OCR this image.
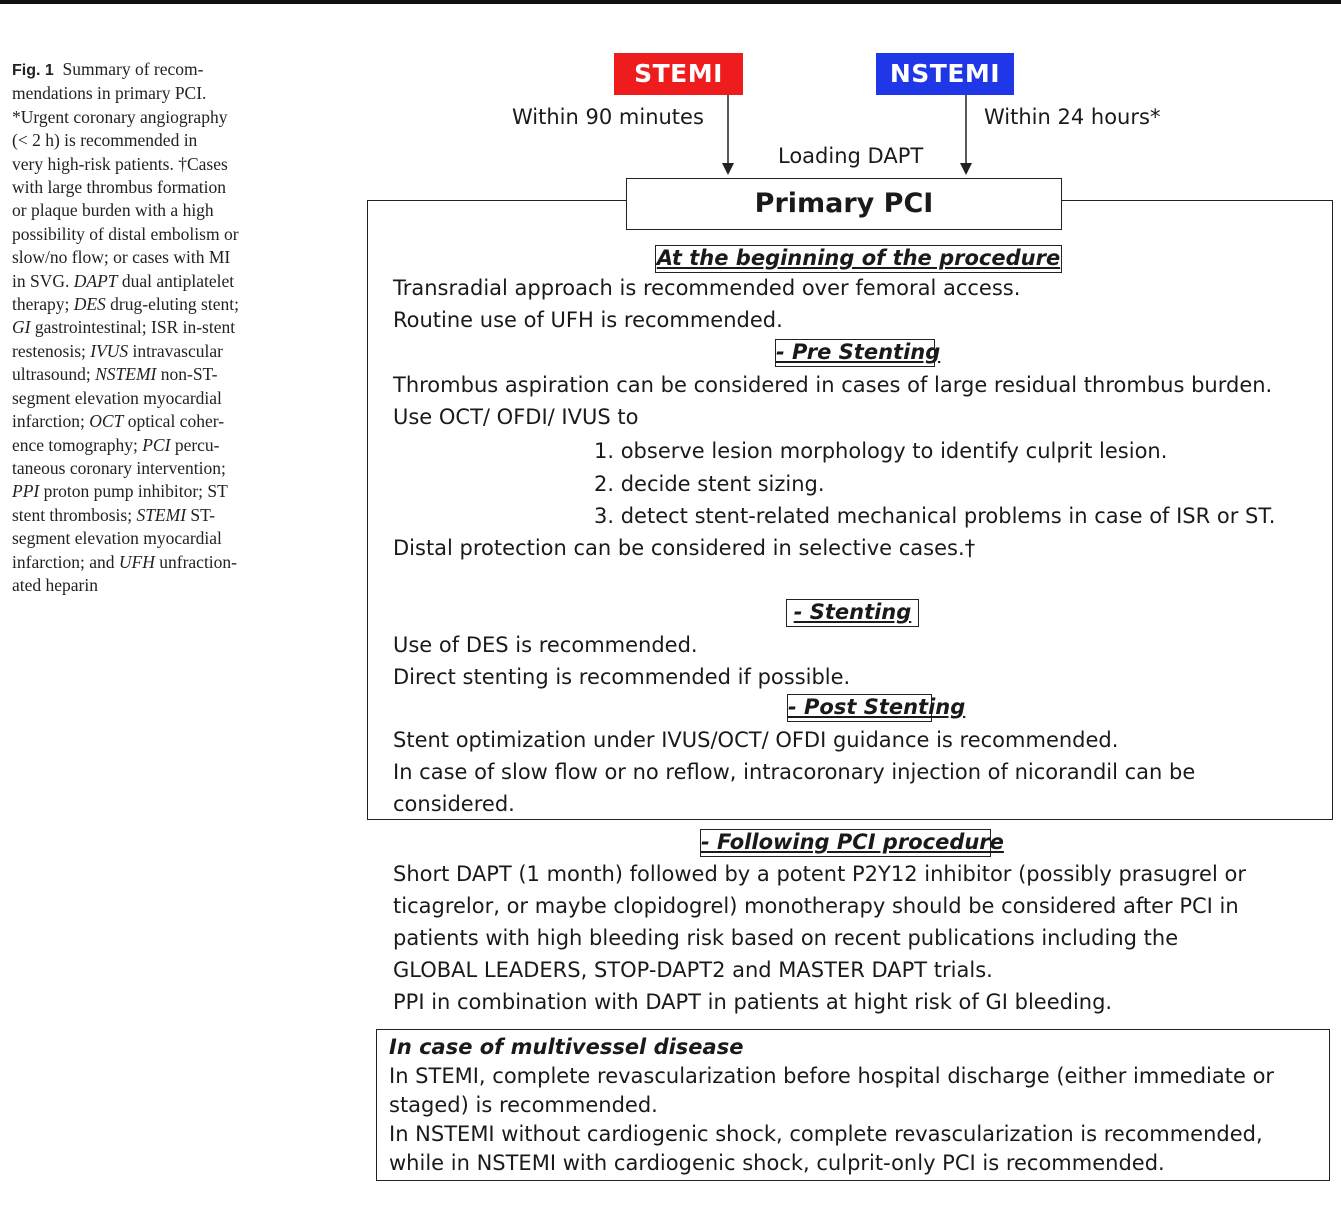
Fig. 1 Summary of recom-
mendations in primary PCI.
*Urgent coronary angiography
(< 2 h) is recommended in
very high-risk patients. †Cases
with large thrombus formation
or plaque burden with a high
possibility of distal embolism or
slow/no flow; or cases with MI
in SVG. DAPT dual antiplatelet
therapy; DES drug-eluting stent;
GI gastrointestinal; ISR in-stent
restenosis; IVUS intravascular
ultrasound; NSTEMI non-ST-
segment elevation myocardial
infarction; OCT optical coher-
ence tomography; PCI percu-
taneous coronary intervention;
PPI proton pump inhibitor; ST
stent thrombosis; STEMI ST-
segment elevation myocardial
infarction; and UFH unfraction-
ated heparin
STEMI	NSTEMI
Within 90 minutes	Within 24 hours*
Loading DAPT
Primary PCI
At the beginning of the procedure
Transradial approach is recommended over femoral access.
Routine use of UFH is recommended.
- Pre Stenting
Thrombus aspiration can be considered in cases of large residual thrombus burden.
Use OCT/ OFDI/ IVUS to
1. observe lesion morphology to identify culprit lesion.
2. decide stent sizing.
3. detect stent-related mechanical problems in case of ISR or ST.
Distal protection can be considered in selective cases.†
- Stenting
Use of DES is recommended.
Direct stenting is recommended if possible.
- Post Stenting
Stent optimization under IVUS/OCT/ OFDI guidance is recommended.
In case of slow flow or no reflow, intracoronary injection of nicorandil can be
considered.
- Following PCI procedure
Short DAPT (1 month) followed by a potent P2Y12 inhibitor (possibly prasugrel or
ticagrelor, or maybe clopidogrel) monotherapy should be considered after PCI in
patients with high bleeding risk based on recent publications including the
GLOBAL LEADERS, STOP-DAPT2 and MASTER DAPT trials.
PPI in combination with DAPT in patients at hight risk of GI bleeding.
In case of multivessel disease
In STEMI, complete revascularization before hospital discharge (either immediate or
staged) is recommended.
In NSTEMI without cardiogenic shock, complete revascularization is recommended,
while in NSTEMI with cardiogenic shock, culprit-only PCI is recommended.
